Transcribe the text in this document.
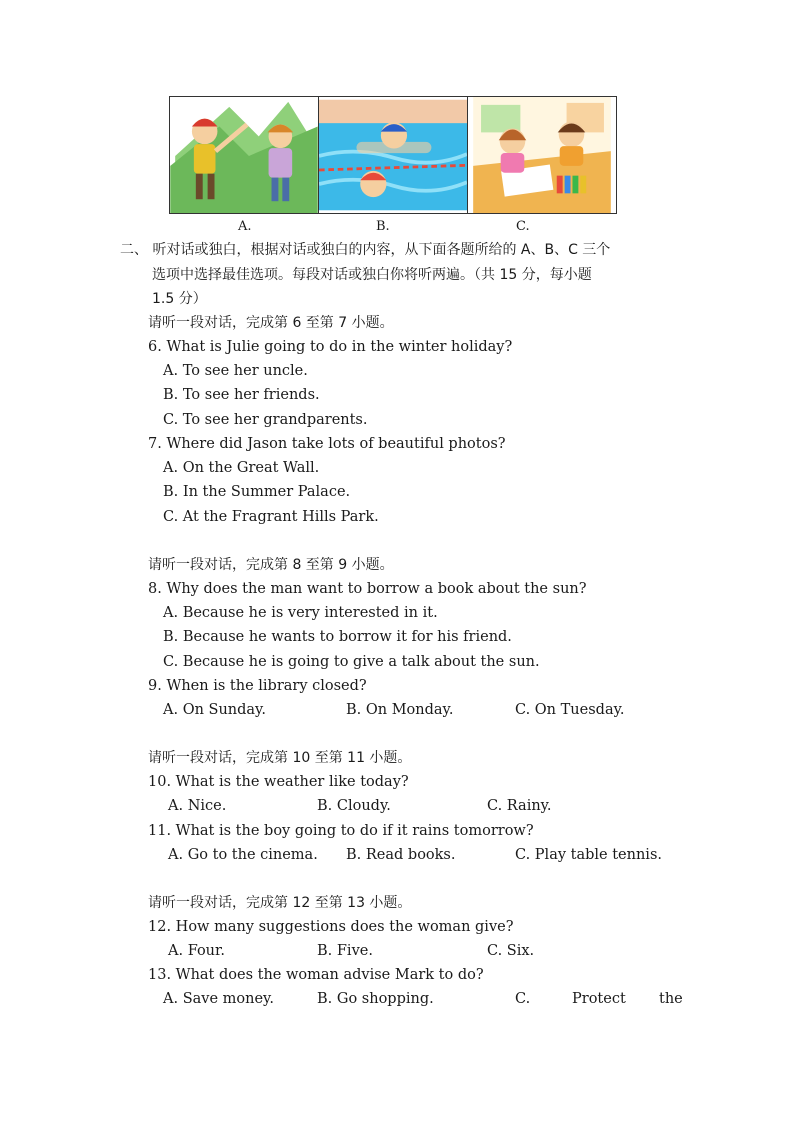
A.	B.	C.
二、 听对话或独白，根据对话或独白的内容，从下面各题所给的 A、B、C 三个
选项中选择最佳选项。每段对话或独白你将听两遍。（共 15 分，每小题
1.5 分）
请听一段对话，完成第 6 至第 7 小题。
6. What is Julie going to do in the winter holiday?
A. To see her uncle.
B. To see her friends.
C. To see her grandparents.
7. Where did Jason take lots of beautiful photos?
A. On the Great Wall.
B. In the Summer Palace.
C. At the Fragrant Hills Park.
请听一段对话，完成第 8 至第 9 小题。
8. Why does the man want to borrow a book about the sun?
A. Because he is very interested in it.
B. Because he wants to borrow it for his friend.
C. Because he is going to give a talk about the sun.
9. When is the library closed?
A. On Sunday.	B. On Monday.	C. On Tuesday.
请听一段对话，完成第 10 至第 11 小题。
10. What is the weather like today?
A. Nice.	B. Cloudy.	C. Rainy.
11. What is the boy going to do if it rains tomorrow?
A. Go to the cinema. B. Read books.	C. Play table tennis.
请听一段对话，完成第 12 至第 13 小题。
12. How many suggestions does the woman give?
A. Four.	B. Five.	C. Six.
13. What does the woman advise Mark to do?
A. Save money.	B. Go shopping.	C.	Protect the
